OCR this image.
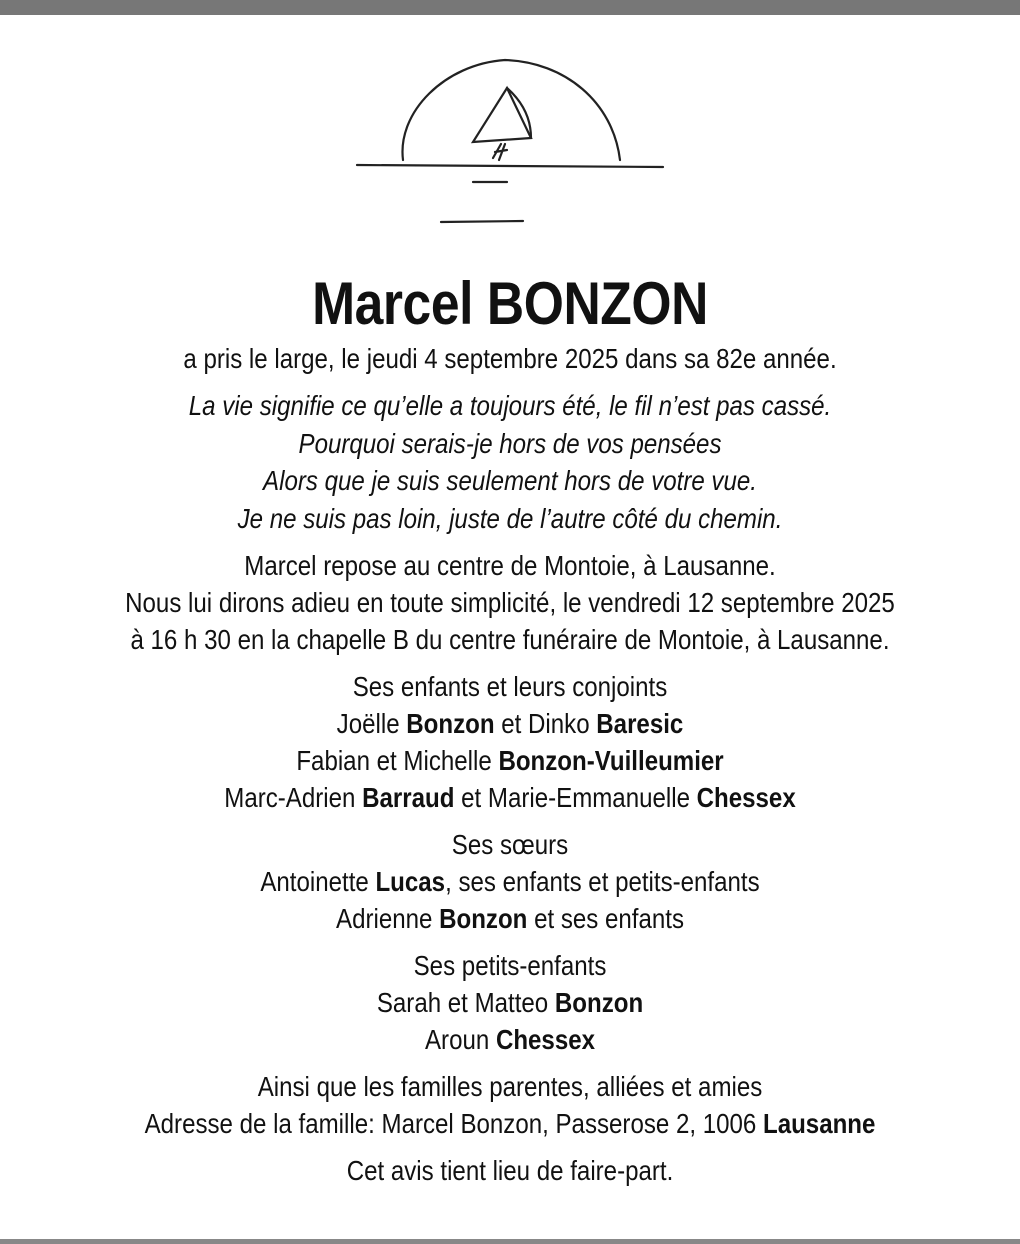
Marcel BONZON
a pris le large, le jeudi 4 septembre 2025 dans sa 82e année.
La vie signifie ce qu’elle a toujours été, le fil n’est pas cassé.
Pourquoi serais-je hors de vos pensées
Alors que je suis seulement hors de votre vue.
Je ne suis pas loin, juste de l’autre côté du chemin.
Marcel repose au centre de Montoie, à Lausanne.
Nous lui dirons adieu en toute simplicité, le vendredi 12 septembre 2025
à 16 h 30 en la chapelle B du centre funéraire de Montoie, à Lausanne.
Ses enfants et leurs conjoints
Joëlle Bonzon et Dinko Baresic
Fabian et Michelle Bonzon-Vuilleumier
Marc-Adrien Barraud et Marie-Emmanuelle Chessex
Ses sœurs
Antoinette Lucas, ses enfants et petits-enfants
Adrienne Bonzon et ses enfants
Ses petits-enfants
Sarah et Matteo Bonzon
Aroun Chessex
Ainsi que les familles parentes, alliées et amies
Adresse de la famille: Marcel Bonzon, Passerose 2, 1006 Lausanne
Cet avis tient lieu de faire-part.
